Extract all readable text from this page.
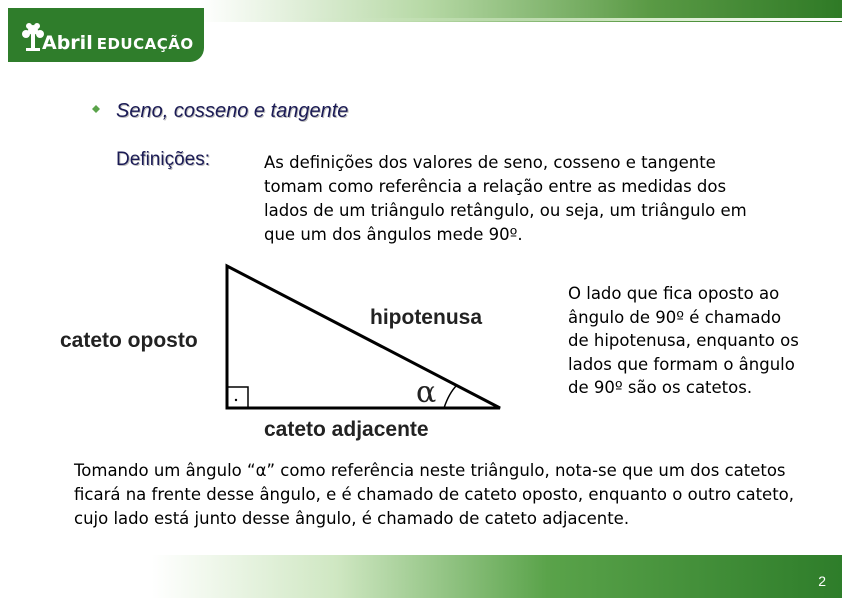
Abril EDUCAÇÃO
Seno, cosseno e tangente
Definições:	As definições dos valores de seno, cosseno e tangente tomam como referência a relação entre as medidas dos lados de um triângulo retângulo, ou seja, um triângulo em que um dos ângulos mede 90º.
cateto oposto
hipotenusa
cateto adjacente
α
O lado que fica oposto ao ângulo de 90º é chamado de hipotenusa, enquanto os lados que formam o ângulo de 90º são os catetos.
Tomando um ângulo “α” como referência neste triângulo, nota-se que um dos catetos ficará na frente desse ângulo, e é chamado de cateto oposto, enquanto o outro cateto, cujo lado está junto desse ângulo, é chamado de cateto adjacente.
2
